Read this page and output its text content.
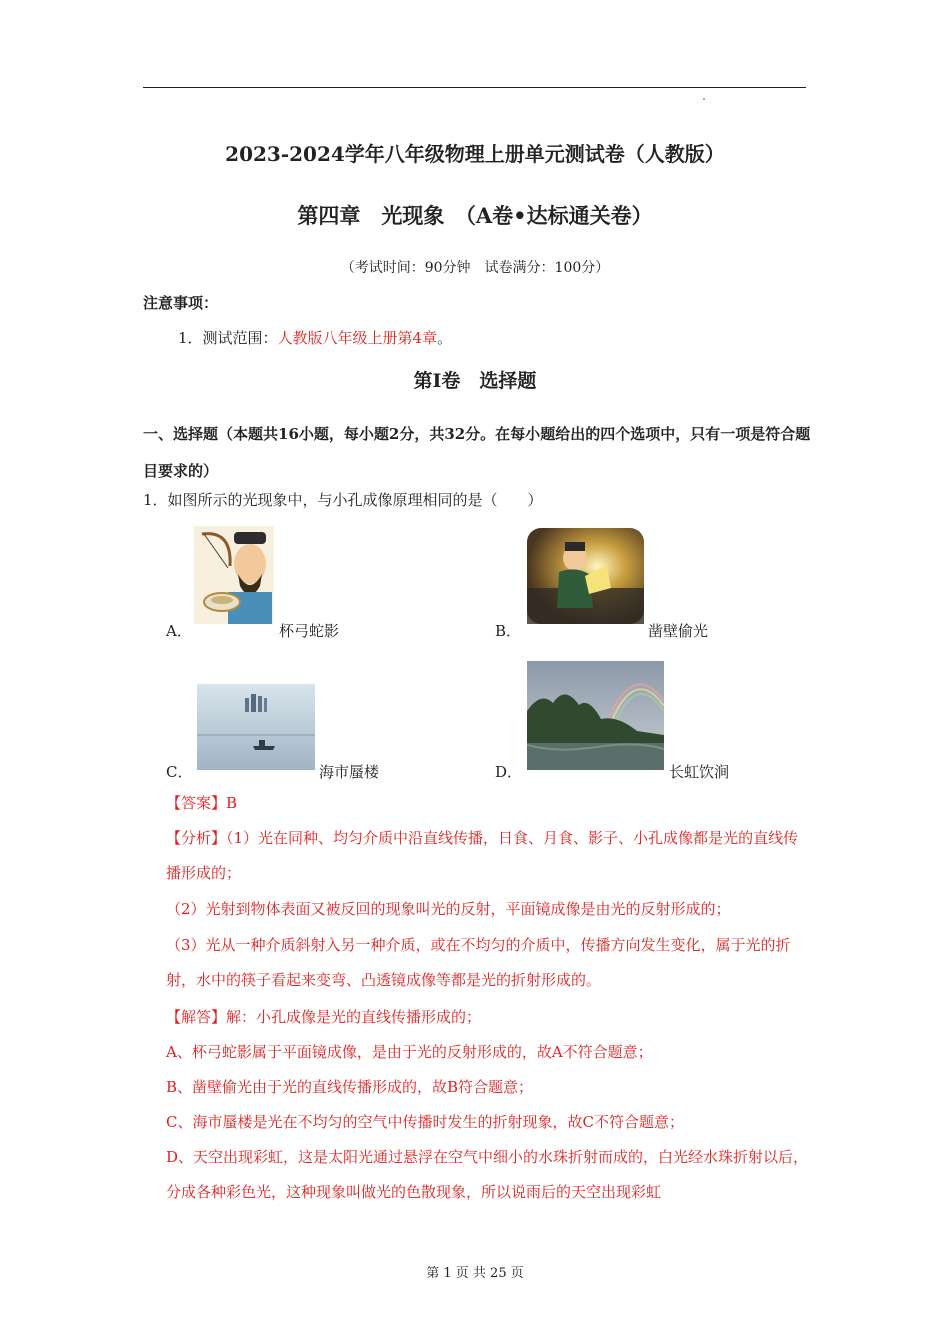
2023-2024学年八年级物理上册单元测试卷（人教版）
第四章　光现象　（A卷•达标通关卷）
（考试时间：90分钟　试卷满分：100分）
注意事项：
1．测试范围：人教版八年级上册第4章。
第Ⅰ卷　选择题
一、选择题（本题共16小题，每小题2分，共32分。在每小题给出的四个选项中，只有一项是符合题目要求的）
1．如图所示的光现象中，与小孔成像原理相同的是（　　）
A．	杯弓蛇影	B．	凿壁偷光
C．	海市蜃楼	D．	长虹饮涧
【答案】B
【分析】（1）光在同种、均匀介质中沿直线传播，日食、月食、影子、小孔成像都是光的直线传播形成的；
（2）光射到物体表面又被反回的现象叫光的反射，平面镜成像是由光的反射形成的；
（3）光从一种介质斜射入另一种介质，或在不均匀的介质中，传播方向发生变化，属于光的折射，水中的筷子看起来变弯、凸透镜成像等都是光的折射形成的。
【解答】解：小孔成像是光的直线传播形成的；
A、杯弓蛇影属于平面镜成像，是由于光的反射形成的，故A不符合题意；
B、凿壁偷光由于光的直线传播形成的，故B符合题意；
C、海市蜃楼是光在不均匀的空气中传播时发生的折射现象，故C不符合题意；
D、天空出现彩虹，这是太阳光通过悬浮在空气中细小的水珠折射而成的，白光经水珠折射以后，分成各种彩色光，这种现象叫做光的色散现象，所以说雨后的天空出现彩虹
第 1 页 共 25 页
